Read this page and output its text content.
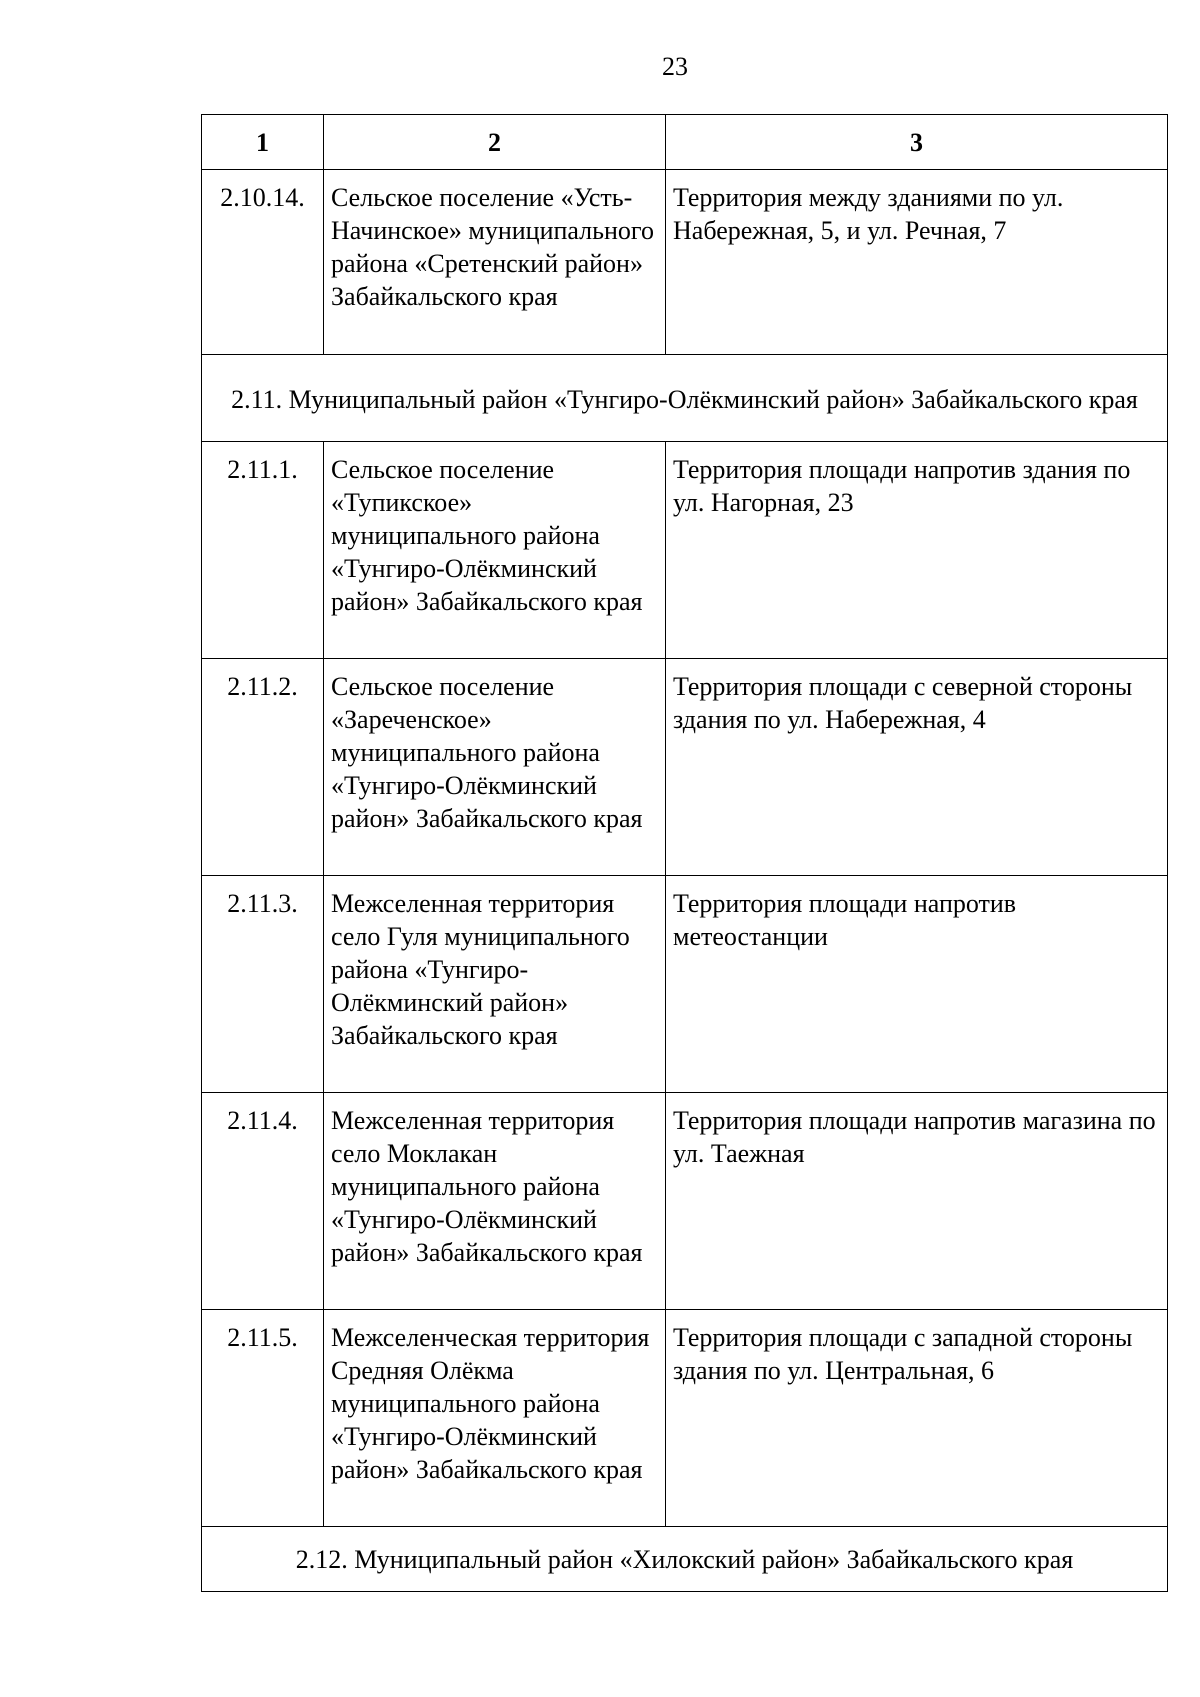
23
1	2	3
2.10.14.	Сельское поселение «Усть-Начинское» муниципального района «Сретенский район» Забайкальского края	Территория между зданиями по ул. Набережная, 5, и ул. Речная, 7
2.11. Муниципальный район «Тунгиро-Олёкминский район» Забайкальского края		
2.11.1.	Сельское поселение «Тупикское» муниципального района «Тунгиро-Олёкминский район» Забайкальского края	Территория площади напротив здания по ул. Нагорная, 23
2.11.2.	Сельское поселение «Зареченское» муниципального района «Тунгиро-Олёкминский район» Забайкальского края	Территория площади с северной стороны здания по ул. Набережная, 4
2.11.3.	Межселенная территория село Гуля муниципального района «Тунгиро-Олёкминский район» Забайкальского края	Территория площади напротив метеостанции
2.11.4.	Межселенная территория село Моклакан муниципального района «Тунгиро-Олёкминский район» Забайкальского края	Территория площади напротив магазина по ул. Таежная
2.11.5.	Межселенческая территория Средняя Олёкма муниципального района «Тунгиро-Олёкминский район» Забайкальского края	Территория площади с западной стороны здания по ул. Центральная, 6
2.12. Муниципальный район «Хилокский район» Забайкальского края		
